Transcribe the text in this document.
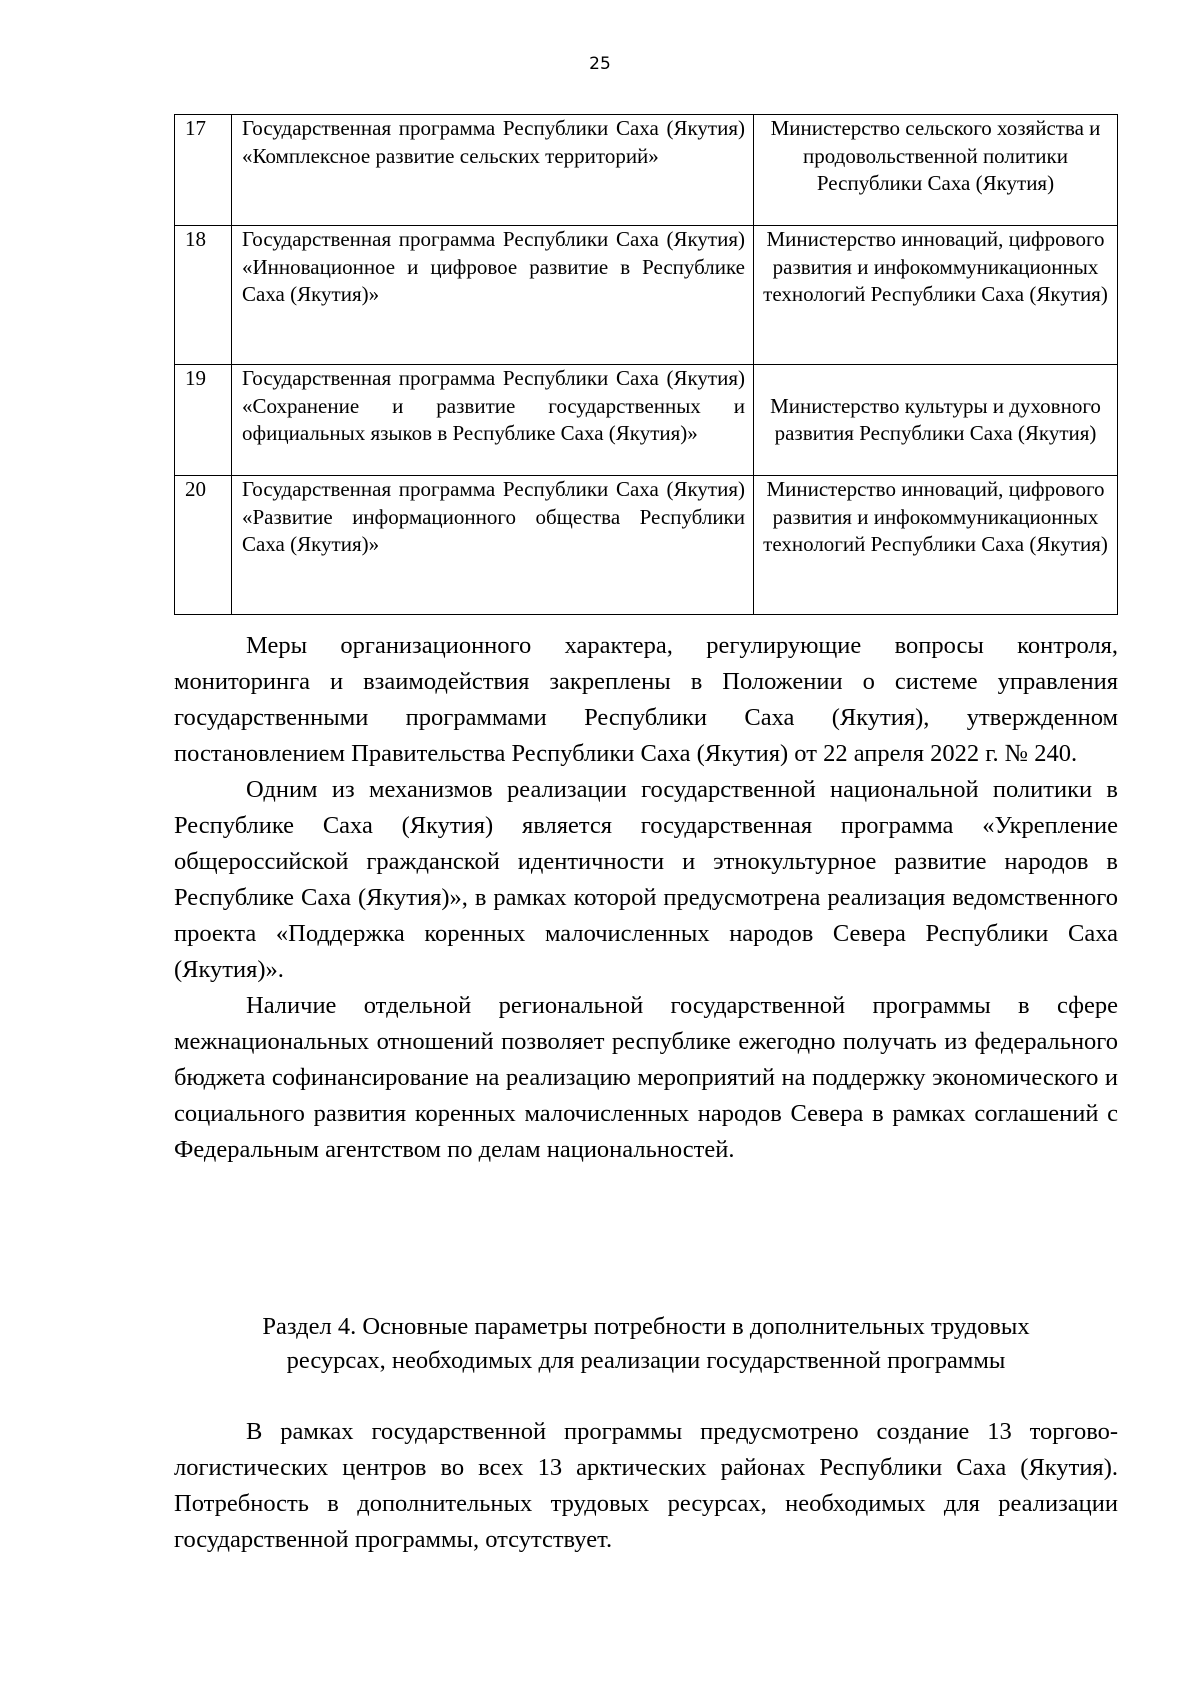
25
17	Государственная программа Республики Саха (Якутия) «Комплексное развитие сельских территорий»	Министерство сельского хозяйства и продовольственной политики Республики Саха (Якутия)
18	Государственная программа Республики Саха (Якутия) «Инновационное и цифровое развитие в Республике Саха (Якутия)»	Министерство инноваций, цифрового развития и инфокоммуникационных технологий Республики Саха (Якутия)
19	Государственная программа Республики Саха (Якутия) «Сохранение и развитие государственных и официальных языков в Республике Саха (Якутия)»	Министерство культуры и духовного развития Республики Саха (Якутия)
20	Государственная программа Республики Саха (Якутия) «Развитие информационного общества Республики Саха (Якутия)»	Министерство инноваций, цифрового развития и инфокоммуникационных технологий Республики Саха (Якутия)

Меры организационного характера, регулирующие вопросы контроля, мониторинга и взаимодействия закреплены в Положении о системе управления государственными программами Республики Саха (Якутия), утвержденном постановлением Правительства Республики Саха (Якутия) от 22 апреля 2022 г. № 240.

Одним из механизмов реализации государственной национальной политики в Республике Саха (Якутия) является государственная программа «Укрепление общероссийской гражданской идентичности и этнокультурное развитие народов в Республике Саха (Якутия)», в рамках которой предусмотрена реализация ведомственного проекта «Поддержка коренных малочисленных народов Севера Республики Саха (Якутия)».

Наличие отдельной региональной государственной программы в сфере межнациональных отношений позволяет республике ежегодно получать из федерального бюджета софинансирование на реализацию мероприятий на поддержку экономического и социального развития коренных малочисленных народов Севера в рамках соглашений с Федеральным агентством по делам национальностей.

Раздел 4. Основные параметры потребности в дополнительных трудовых
ресурсах, необходимых для реализации государственной программы

В рамках государственной программы предусмотрено создание 13 торгово-логистических центров во всех 13 арктических районах Республики Саха (Якутия). Потребность в дополнительных трудовых ресурсах, необходимых для реализации государственной программы, отсутствует.
